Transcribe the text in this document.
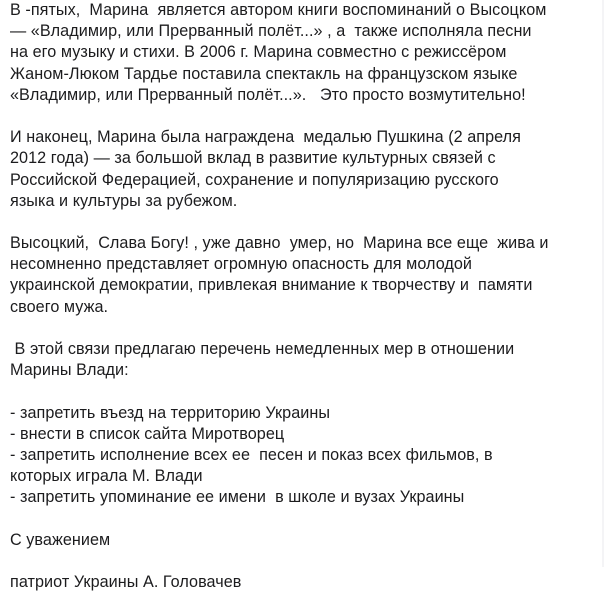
В -пятых,  Марина  является автором книги воспоминаний о Высоцком
— «Владимир, или Прерванный полёт...» , а  также исполняла песни
на его музыку и стихи. В 2006 г. Марина совместно с режиссёром
Жаном-Люком Тардье поставила спектакль на французском языке
«Владимир, или Прерванный полёт...».   Это просто возмутительно!
И наконец, Марина была награждена  медалью Пушкина (2 апреля
2012 года) — за большой вклад в развитие культурных связей с
Российской Федерацией, сохранение и популяризацию русского
языка и культуры за рубежом.
Высоцкий,  Слава Богу! , уже давно  умер, но  Марина все еще  жива и
несомненно представляет огромную опасность для молодой
украинской демократии, привлекая внимание к творчеству и  памяти
своего мужа.
В этой связи предлагаю перечень немедленных мер в отношении
Марины Влади:
- запретить въезд на территорию Украины
- внести в список сайта Миротворец
- запретить исполнение всех ее  песен и показ всех фильмов, в
которых играла М. Влади
- запретить упоминание ее имени  в школе и вузах Украины
С уважением
патриот Украины А. Головачев
